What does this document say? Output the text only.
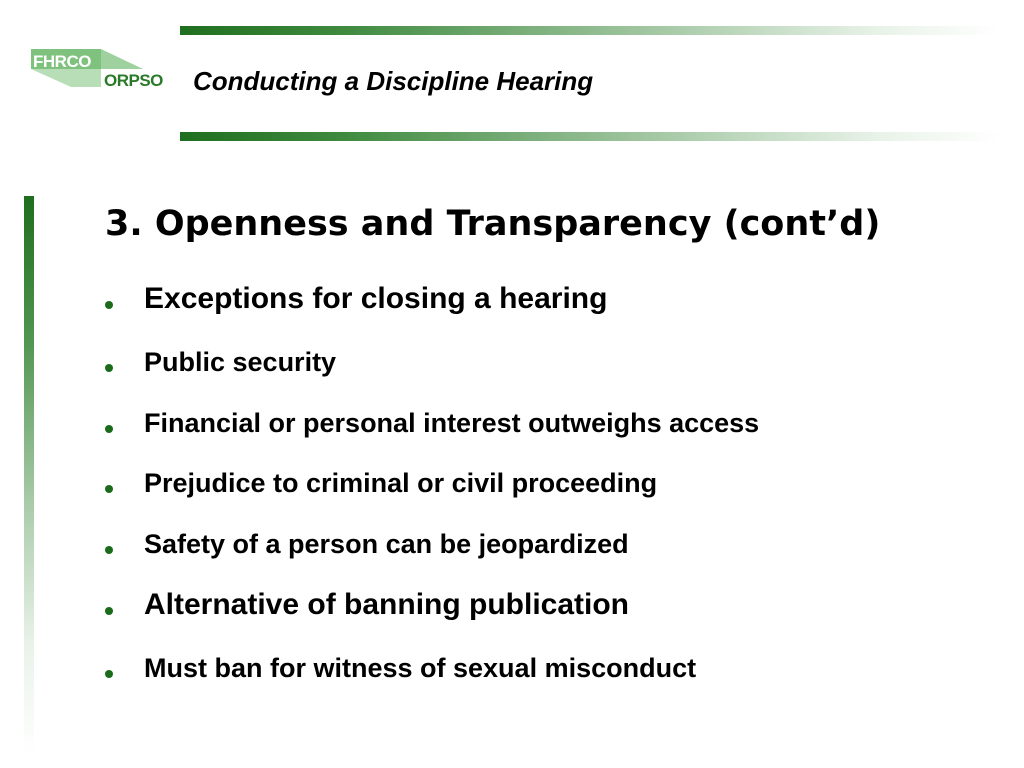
FHRCO
ORPSO Conducting a Discipline Hearing
3. Openness and Transparency (cont’d)
Exceptions for closing a hearing
Public security
Financial or personal interest outweighs access
Prejudice to criminal or civil proceeding
Safety of a person can be jeopardized
Alternative of banning publication
Must ban for witness of sexual misconduct
